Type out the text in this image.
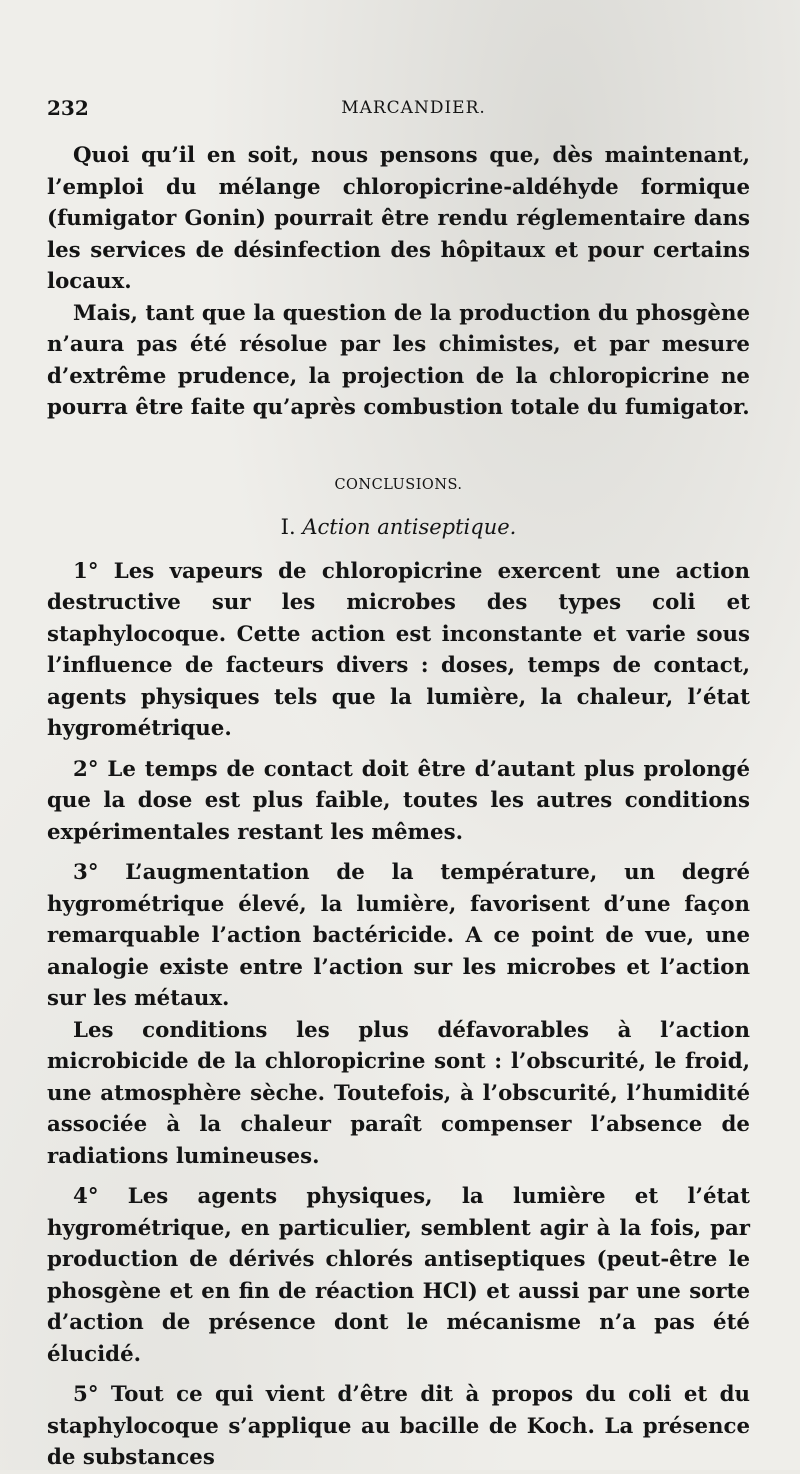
232	MARCANDIER.

Quoi qu’il en soit, nous pensons que, dès maintenant, l’emploi du mélange chloropicrine-aldéhyde formique (fumigator Gonin) pourrait être rendu réglementaire dans les services de désinfection des hôpitaux et pour certains locaux.

Mais, tant que la question de la production du phosgène n’aura pas été résolue par les chimistes, et par mesure d’extrême prudence, la projection de la chloropicrine ne pourra être faite qu’après combustion totale du fumigator.

CONCLUSIONS.
I. Action antiseptique.

1° Les vapeurs de chloropicrine exercent une action destructive sur les microbes des types coli et staphylocoque. Cette action est inconstante et varie sous l’influence de facteurs divers : doses, temps de contact, agents physiques tels que la lumière, la chaleur, l’état hygrométrique.

2° Le temps de contact doit être d’autant plus prolongé que la dose est plus faible, toutes les autres conditions expérimentales restant les mêmes.

3° L’augmentation de la température, un degré hygrométrique élevé, la lumière, favorisent d’une façon remarquable l’action bactéricide. A ce point de vue, une analogie existe entre l’action sur les microbes et l’action sur les métaux.

Les conditions les plus défavorables à l’action microbicide de la chloropicrine sont : l’obscurité, le froid, une atmosphère sèche. Toutefois, à l’obscurité, l’humidité associée à la chaleur paraît compenser l’absence de radiations lumineuses.

4° Les agents physiques, la lumière et l’état hygrométrique, en particulier, semblent agir à la fois, par production de dérivés chlorés antiseptiques (peut-être le phosgène et en fin de réaction HCl) et aussi par une sorte d’action de présence dont le mécanisme n’a pas été élucidé.

5° Tout ce qui vient d’être dit à propos du coli et du staphylocoque s’applique au bacille de Koch. La présence de substances
